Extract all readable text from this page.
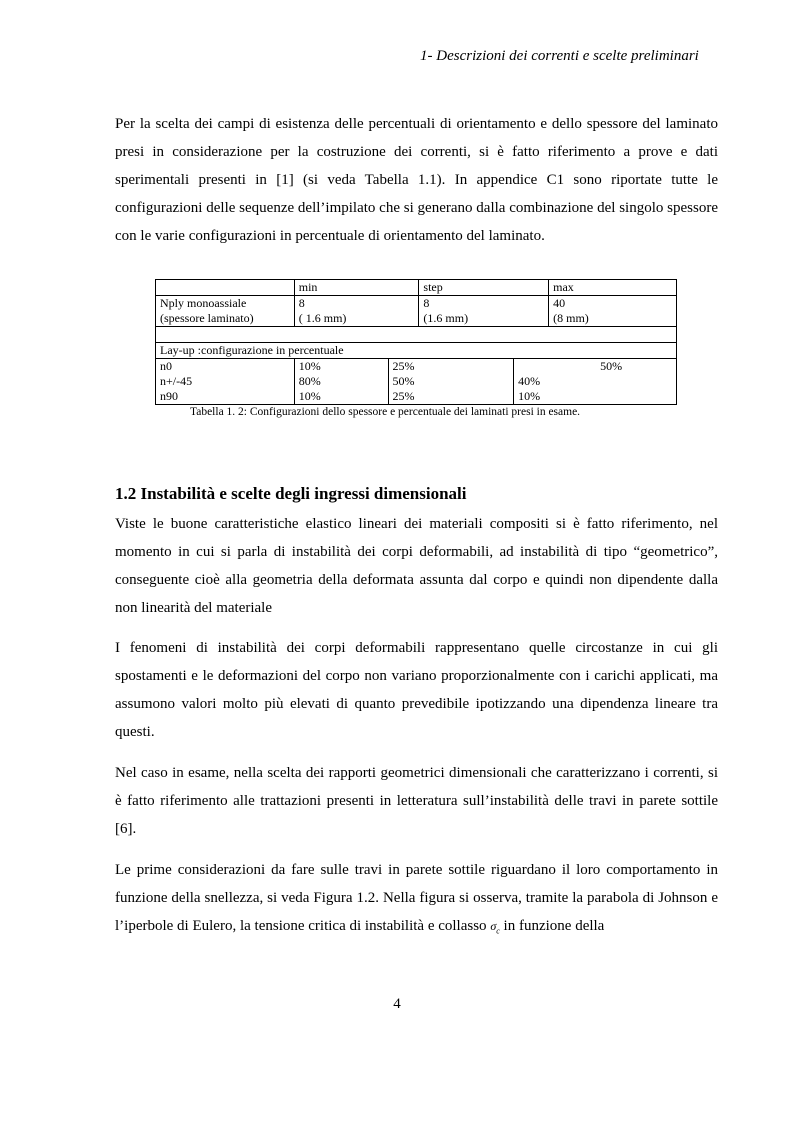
1- Descrizioni dei correnti e scelte preliminari
Per la scelta dei campi di esistenza delle percentuali di orientamento e dello spessore del laminato presi in considerazione per la costruzione dei correnti, si è fatto riferimento a prove e dati sperimentali presenti in [1] (si veda Tabella 1.1). In appendice C1 sono riportate tutte le configurazioni delle sequenze dell’impilato che si generano dalla combinazione del singolo spessore con le varie configurazioni in percentuale di orientamento del laminato.
	min		step		max
Nply monoassiale	8		8		40
(spessore laminato)	( 1.6 mm)		(1.6 mm)		(8 mm)

Lay-up :configurazione in percentuale					
n0	10%	25%		50%	
n+/-45	80%	50%		40%	
n90	10%	25%		10%	
Tabella 1. 2: Configurazioni dello spessore e percentuale dei laminati presi in esame.
1.2 Instabilità e scelte degli ingressi dimensionali
Viste le buone caratteristiche elastico lineari dei materiali compositi si è fatto riferimento, nel momento in cui si parla di instabilità dei corpi deformabili, ad instabilità di tipo “geometrico”, conseguente cioè alla geometria della deformata assunta dal corpo e quindi non dipendente dalla non linearità del materiale
I fenomeni di instabilità dei corpi deformabili rappresentano quelle circostanze in cui gli spostamenti e le deformazioni del corpo non variano proporzionalmente con i carichi applicati, ma assumono valori molto più elevati di quanto prevedibile ipotizzando una dipendenza lineare tra questi.
Nel caso in esame, nella scelta dei rapporti geometrici dimensionali che caratterizzano i correnti, si è fatto riferimento alle trattazioni presenti in letteratura sull’instabilità delle travi in parete sottile [6].
Le prime considerazioni da fare sulle travi in parete sottile riguardano il loro comportamento in funzione della snellezza, si veda Figura 1.2. Nella figura si osserva, tramite la parabola di Johnson e l’iperbole di Eulero, la tensione critica di instabilità e collasso $\sigma_c$ in funzione della
4
